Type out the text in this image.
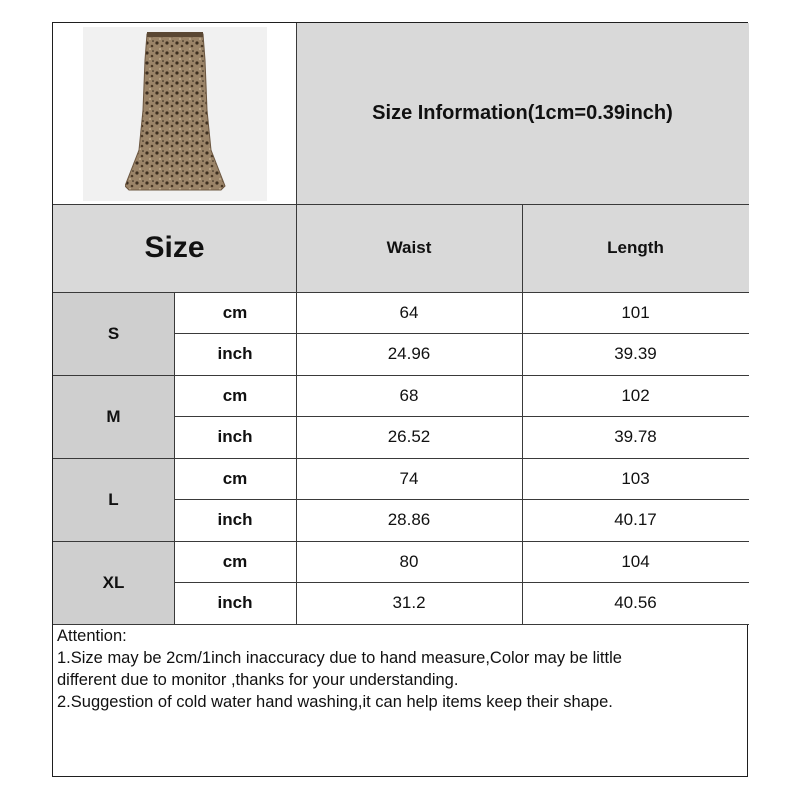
Size Information(1cm=0.39inch)
Size	Waist	Length
S
cm	64	101
inch	24.96	39.39
M
cm	68	102
inch	26.52	39.78
L
cm	74	103
inch	28.86	40.17
XL
cm	80	104
inch	31.2	40.56
Attention:
1.Size may be 2cm/1inch inaccuracy due to hand measure,Color may be little
different due to monitor ,thanks for your understanding.
2.Suggestion of cold water hand washing,it can help items keep their shape.
